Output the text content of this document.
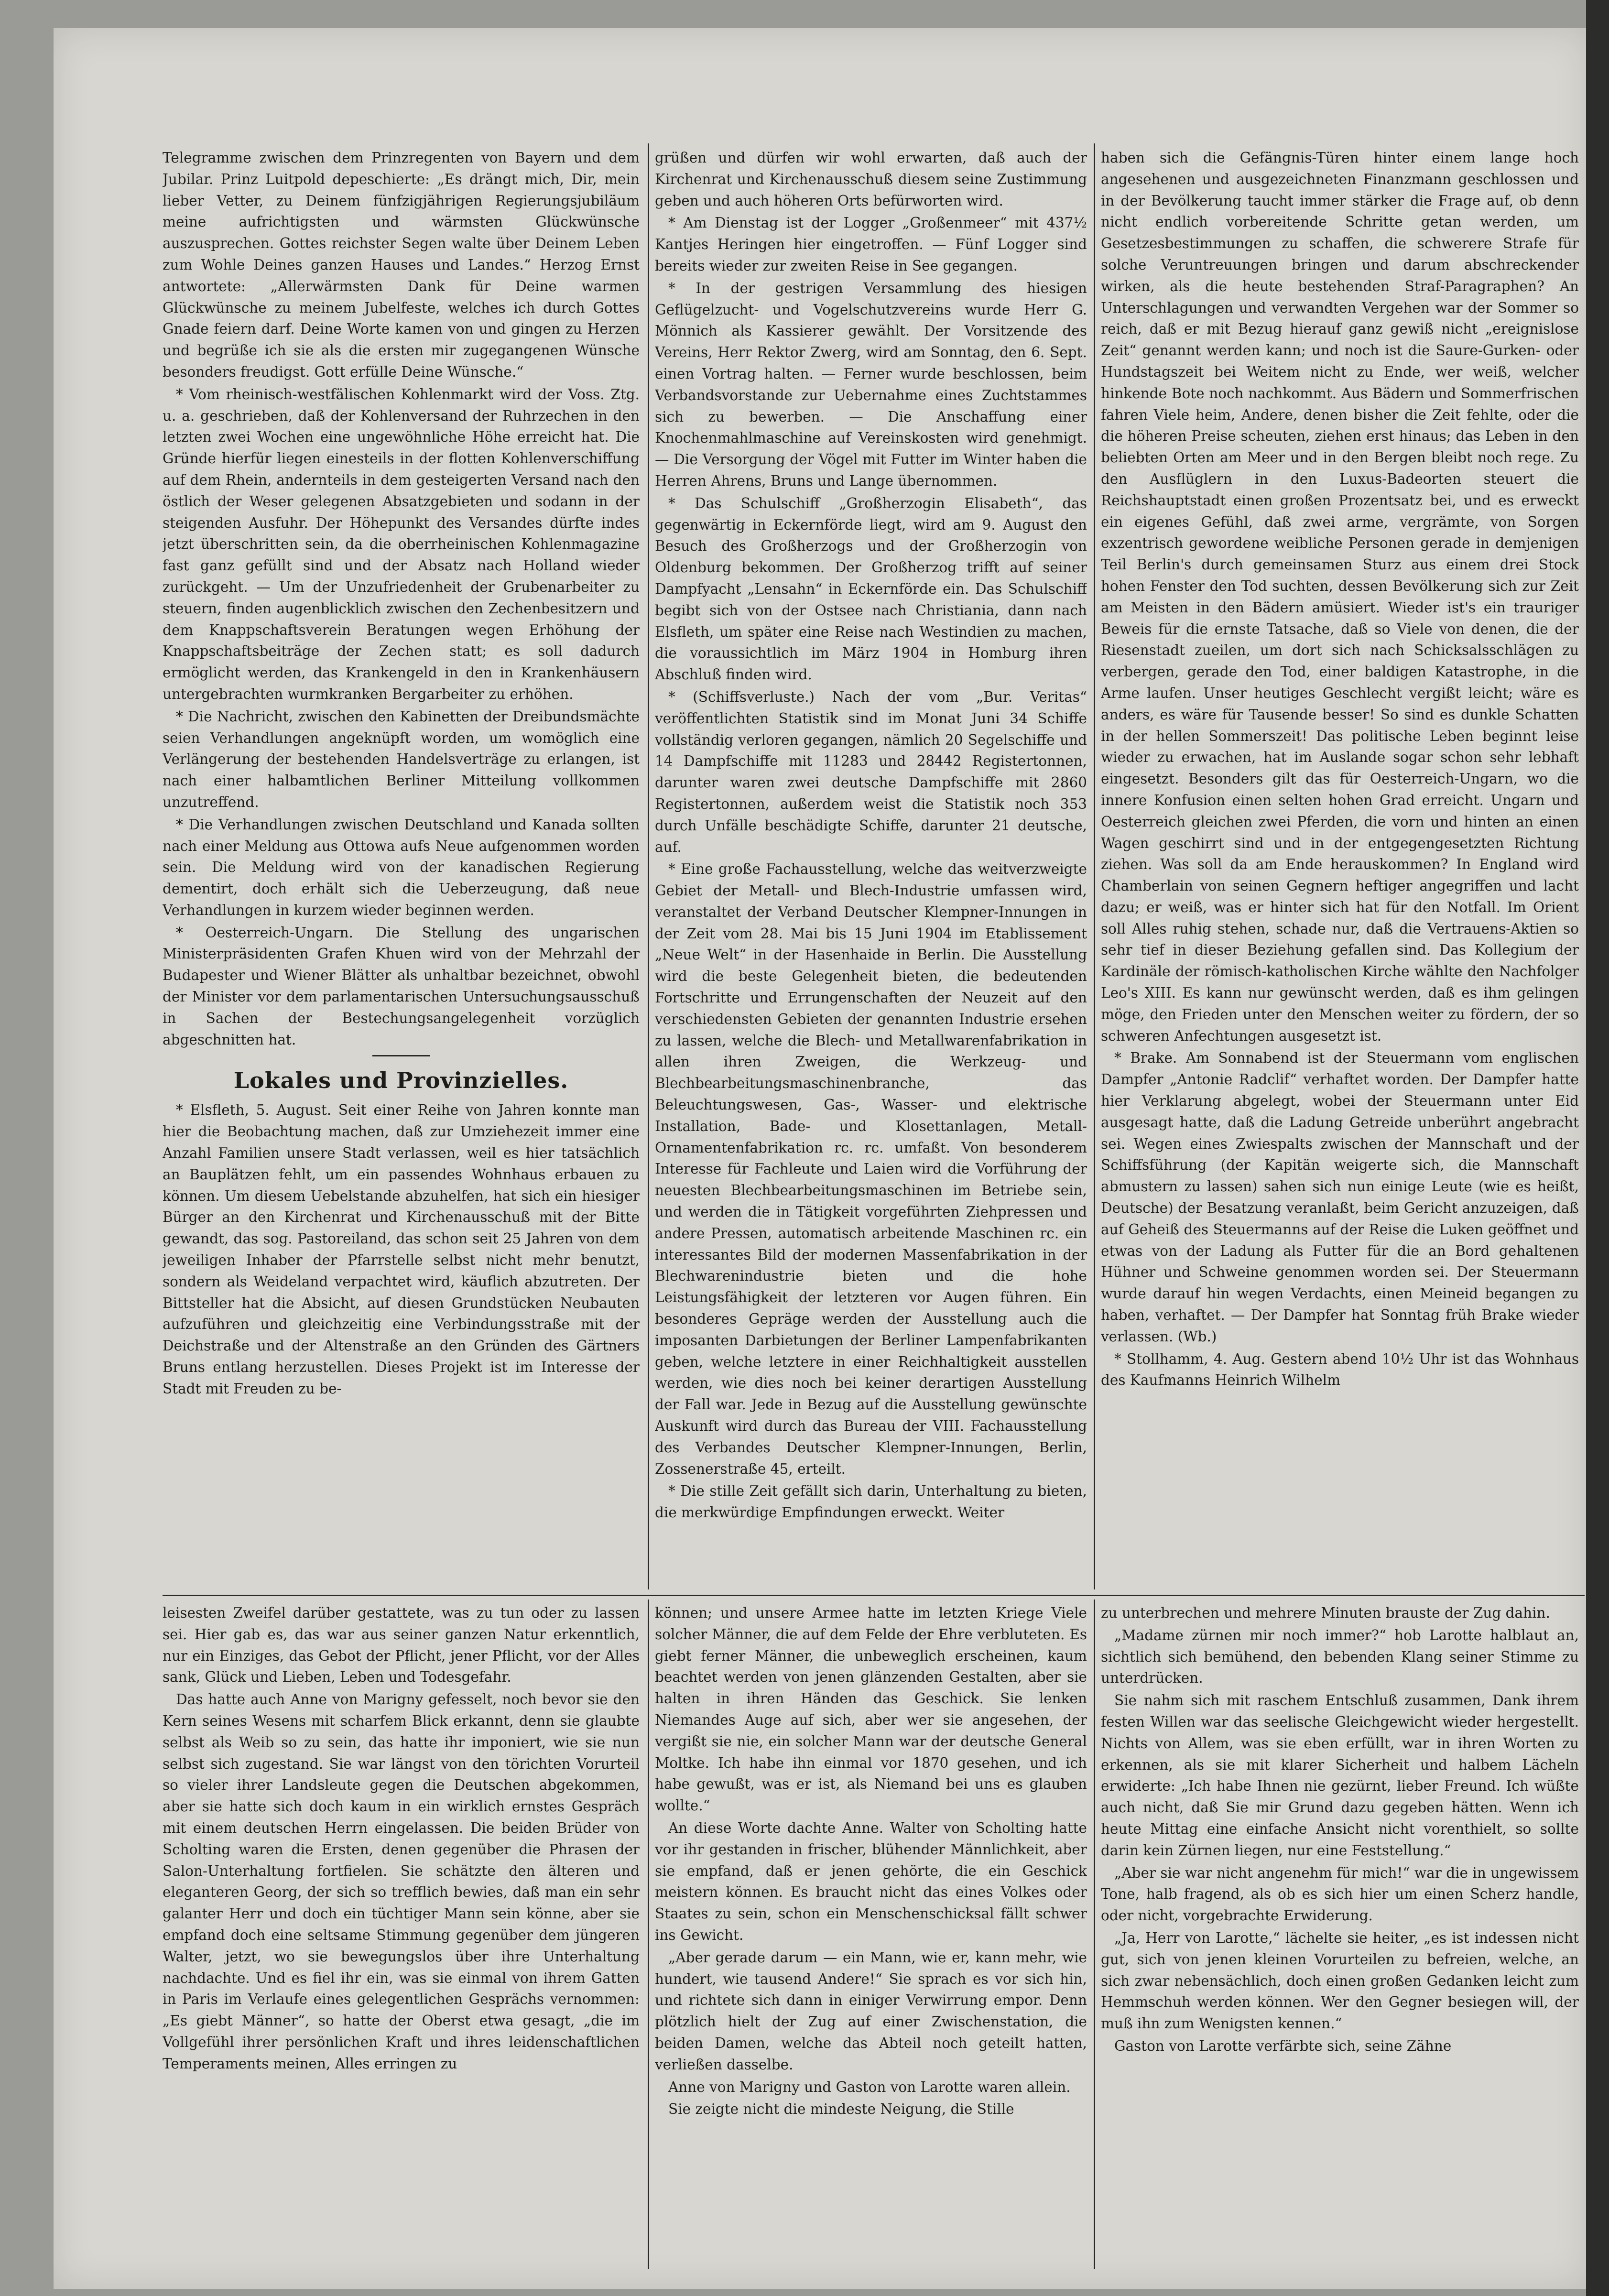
Telegramme zwischen dem Prinzregenten von Bayern und dem Jubilar. Prinz Luitpold depeschierte: „Es drängt mich, Dir, mein lieber Vetter, zu Deinem fünfzigjährigen Regierungsjubiläum meine aufrichtigsten und wärmsten Glückwünsche auszusprechen. Gottes reichster Segen walte über Deinem Leben zum Wohle Deines ganzen Hauses und Landes.“ Herzog Ernst antwortete: „Allerwärmsten Dank für Deine warmen Glückwünsche zu meinem Jubelfeste, welches ich durch Gottes Gnade feiern darf. Deine Worte kamen von und gingen zu Herzen und begrüße ich sie als die ersten mir zugegangenen Wünsche besonders freudigst. Gott erfülle Deine Wünsche.“

* Vom rheinisch-westfälischen Kohlenmarkt wird der Voss. Ztg. u. a. geschrieben, daß der Kohlenversand der Ruhrzechen in den letzten zwei Wochen eine ungewöhnliche Höhe erreicht hat. Die Gründe hierfür liegen einesteils in der flotten Kohlenverschiffung auf dem Rhein, andernteils in dem gesteigerten Versand nach den östlich der Weser gelegenen Absatzgebieten und sodann in der steigenden Ausfuhr. Der Höhepunkt des Versandes dürfte indes jetzt überschritten sein, da die oberrheinischen Kohlenmagazine fast ganz gefüllt sind und der Absatz nach Holland wieder zurückgeht. — Um der Unzufriedenheit der Grubenarbeiter zu steuern, finden augenblicklich zwischen den Zechenbesitzern und dem Knappschaftsverein Beratungen wegen Erhöhung der Knappschaftsbeiträge der Zechen statt; es soll dadurch ermöglicht werden, das Krankengeld in den in Krankenhäusern untergebrachten wurmkranken Bergarbeiter zu erhöhen.

* Die Nachricht, zwischen den Kabinetten der Dreibundsmächte seien Verhandlungen angeknüpft worden, um womöglich eine Verlängerung der bestehenden Handelsverträge zu erlangen, ist nach einer halbamtlichen Berliner Mitteilung vollkommen unzutreffend.

* Die Verhandlungen zwischen Deutschland und Kanada sollten nach einer Meldung aus Ottowa aufs Neue aufgenommen worden sein. Die Meldung wird von der kanadischen Regierung dementirt, doch erhält sich die Ueberzeugung, daß neue Verhandlungen in kurzem wieder beginnen werden.

* Oesterreich-Ungarn. Die Stellung des ungarischen Ministerpräsidenten Grafen Khuen wird von der Mehrzahl der Budapester und Wiener Blätter als unhaltbar bezeichnet, obwohl der Minister vor dem parlamentarischen Untersuchungsausschuß in Sachen der Bestechungsangelegenheit vorzüglich abgeschnitten hat.

Lokales und Provinzielles.

* Elsfleth, 5. August. Seit einer Reihe von Jahren konnte man hier die Beobachtung machen, daß zur Umziehezeit immer eine Anzahl Familien unsere Stadt verlassen, weil es hier tatsächlich an Bauplätzen fehlt, um ein passendes Wohnhaus erbauen zu können. Um diesem Uebelstande abzuhelfen, hat sich ein hiesiger Bürger an den Kirchenrat und Kirchenausschuß mit der Bitte gewandt, das sog. Pastoreiland, das schon seit 25 Jahren von dem jeweiligen Inhaber der Pfarrstelle selbst nicht mehr benutzt, sondern als Weideland verpachtet wird, käuflich abzutreten. Der Bittsteller hat die Absicht, auf diesen Grundstücken Neubauten aufzuführen und gleichzeitig eine Verbindungsstraße mit der Deichstraße und der Altenstraße an den Gründen des Gärtners Bruns entlang herzustellen. Dieses Projekt ist im Interesse der Stadt mit Freuden zu be-

grüßen und dürfen wir wohl erwarten, daß auch der Kirchenrat und Kirchenausschuß diesem seine Zustimmung geben und auch höheren Orts befürworten wird.

* Am Dienstag ist der Logger „Großenmeer“ mit 437½ Kantjes Heringen hier eingetroffen. — Fünf Logger sind bereits wieder zur zweiten Reise in See gegangen.

* In der gestrigen Versammlung des hiesigen Geflügelzucht- und Vogelschutzvereins wurde Herr G. Mönnich als Kassierer gewählt. Der Vorsitzende des Vereins, Herr Rektor Zwerg, wird am Sonntag, den 6. Sept. einen Vortrag halten. — Ferner wurde beschlossen, beim Verbandsvorstande zur Uebernahme eines Zuchtstammes sich zu bewerben. — Die Anschaffung einer Knochenmahlmaschine auf Vereinskosten wird genehmigt. — Die Versorgung der Vögel mit Futter im Winter haben die Herren Ahrens, Bruns und Lange übernommen.

* Das Schulschiff „Großherzogin Elisabeth“, das gegenwärtig in Eckernförde liegt, wird am 9. August den Besuch des Großherzogs und der Großherzogin von Oldenburg bekommen. Der Großherzog trifft auf seiner Dampfyacht „Lensahn“ in Eckernförde ein. Das Schulschiff begibt sich von der Ostsee nach Christiania, dann nach Elsfleth, um später eine Reise nach Westindien zu machen, die voraussichtlich im März 1904 in Homburg ihren Abschluß finden wird.

* (Schiffsverluste.) Nach der vom „Bur. Veritas“ veröffentlichten Statistik sind im Monat Juni 34 Schiffe vollständig verloren gegangen, nämlich 20 Segelschiffe und 14 Dampfschiffe mit 11283 und 28442 Registertonnen, darunter waren zwei deutsche Dampfschiffe mit 2860 Registertonnen, außerdem weist die Statistik noch 353 durch Unfälle beschädigte Schiffe, darunter 21 deutsche, auf.

* Eine große Fachausstellung, welche das weitverzweigte Gebiet der Metall- und Blech-Industrie umfassen wird, veranstaltet der Verband Deutscher Klempner-Innungen in der Zeit vom 28. Mai bis 15 Juni 1904 im Etablissement „Neue Welt“ in der Hasenhaide in Berlin. Die Ausstellung wird die beste Gelegenheit bieten, die bedeutenden Fortschritte und Errungenschaften der Neuzeit auf den verschiedensten Gebieten der genannten Industrie ersehen zu lassen, welche die Blech- und Metallwarenfabrikation in allen ihren Zweigen, die Werkzeug- und Blechbearbeitungsmaschinenbranche, das Beleuchtungswesen, Gas-, Wasser- und elektrische Installation, Bade- und Klosettanlagen, Metall-Ornamentenfabrikation rc. rc. umfaßt. Von besonderem Interesse für Fachleute und Laien wird die Vorführung der neuesten Blechbearbeitungsmaschinen im Betriebe sein, und werden die in Tätigkeit vorgeführten Ziehpressen und andere Pressen, automatisch arbeitende Maschinen rc. ein interessantes Bild der modernen Massenfabrikation in der Blechwarenindustrie bieten und die hohe Leistungsfähigkeit der letzteren vor Augen führen. Ein besonderes Gepräge werden der Ausstellung auch die imposanten Darbietungen der Berliner Lampenfabrikanten geben, welche letztere in einer Reichhaltigkeit ausstellen werden, wie dies noch bei keiner derartigen Ausstellung der Fall war. Jede in Bezug auf die Ausstellung gewünschte Auskunft wird durch das Bureau der VIII. Fachausstellung des Verbandes Deutscher Klempner-Innungen, Berlin, Zossenerstraße 45, erteilt.

* Die stille Zeit gefällt sich darin, Unterhaltung zu bieten, die merkwürdige Empfindungen erweckt. Weiter

haben sich die Gefängnis-Türen hinter einem lange hoch angesehenen und ausgezeichneten Finanzmann geschlossen und in der Bevölkerung taucht immer stärker die Frage auf, ob denn nicht endlich vorbereitende Schritte getan werden, um Gesetzesbestimmungen zu schaffen, die schwerere Strafe für solche Veruntreuungen bringen und darum abschreckender wirken, als die heute bestehenden Straf-Paragraphen? An Unterschlagungen und verwandten Vergehen war der Sommer so reich, daß er mit Bezug hierauf ganz gewiß nicht „ereignislose Zeit“ genannt werden kann; und noch ist die Saure-Gurken- oder Hundstagszeit bei Weitem nicht zu Ende, wer weiß, welcher hinkende Bote noch nachkommt. Aus Bädern und Sommerfrischen fahren Viele heim, Andere, denen bisher die Zeit fehlte, oder die die höheren Preise scheuten, ziehen erst hinaus; das Leben in den beliebten Orten am Meer und in den Bergen bleibt noch rege. Zu den Ausflüglern in den Luxus-Badeorten steuert die Reichshauptstadt einen großen Prozentsatz bei, und es erweckt ein eigenes Gefühl, daß zwei arme, vergrämte, von Sorgen exzentrisch gewordene weibliche Personen gerade in demjenigen Teil Berlin's durch gemeinsamen Sturz aus einem drei Stock hohen Fenster den Tod suchten, dessen Bevölkerung sich zur Zeit am Meisten in den Bädern amüsiert. Wieder ist's ein trauriger Beweis für die ernste Tatsache, daß so Viele von denen, die der Riesenstadt zueilen, um dort sich nach Schicksalsschlägen zu verbergen, gerade den Tod, einer baldigen Katastrophe, in die Arme laufen. Unser heutiges Geschlecht vergißt leicht; wäre es anders, es wäre für Tausende besser! So sind es dunkle Schatten in der hellen Sommerszeit! Das politische Leben beginnt leise wieder zu erwachen, hat im Auslande sogar schon sehr lebhaft eingesetzt. Besonders gilt das für Oesterreich-Ungarn, wo die innere Konfusion einen selten hohen Grad erreicht. Ungarn und Oesterreich gleichen zwei Pferden, die vorn und hinten an einen Wagen geschirrt sind und in der entgegengesetzten Richtung ziehen. Was soll da am Ende herauskommen? In England wird Chamberlain von seinen Gegnern heftiger angegriffen und lacht dazu; er weiß, was er hinter sich hat für den Notfall. Im Orient soll Alles ruhig stehen, schade nur, daß die Vertrauens-Aktien so sehr tief in dieser Beziehung gefallen sind. Das Kollegium der Kardinäle der römisch-katholischen Kirche wählte den Nachfolger Leo's XIII. Es kann nur gewünscht werden, daß es ihm gelingen möge, den Frieden unter den Menschen weiter zu fördern, der so schweren Anfechtungen ausgesetzt ist.

* Brake. Am Sonnabend ist der Steuermann vom englischen Dampfer „Antonie Radclif“ verhaftet worden. Der Dampfer hatte hier Verklarung abgelegt, wobei der Steuermann unter Eid ausgesagt hatte, daß die Ladung Getreide unberührt angebracht sei. Wegen eines Zwiespalts zwischen der Mannschaft und der Schiffsführung (der Kapitän weigerte sich, die Mannschaft abmustern zu lassen) sahen sich nun einige Leute (wie es heißt, Deutsche) der Besatzung veranlaßt, beim Gericht anzuzeigen, daß auf Geheiß des Steuermanns auf der Reise die Luken geöffnet und etwas von der Ladung als Futter für die an Bord gehaltenen Hühner und Schweine genommen worden sei. Der Steuermann wurde darauf hin wegen Verdachts, einen Meineid begangen zu haben, verhaftet. — Der Dampfer hat Sonntag früh Brake wieder verlassen. (Wb.)

* Stollhamm, 4. Aug. Gestern abend 10½ Uhr ist das Wohnhaus des Kaufmanns Heinrich Wilhelm

leisesten Zweifel darüber gestattete, was zu tun oder zu lassen sei. Hier gab es, das war aus seiner ganzen Natur erkenntlich, nur ein Einziges, das Gebot der Pflicht, jener Pflicht, vor der Alles sank, Glück und Lieben, Leben und Todesgefahr.

Das hatte auch Anne von Marigny gefesselt, noch bevor sie den Kern seines Wesens mit scharfem Blick erkannt, denn sie glaubte selbst als Weib so zu sein, das hatte ihr imponiert, wie sie nun selbst sich zugestand. Sie war längst von den törichten Vorurteil so vieler ihrer Landsleute gegen die Deutschen abgekommen, aber sie hatte sich doch kaum in ein wirklich ernstes Gespräch mit einem deutschen Herrn eingelassen. Die beiden Brüder von Scholting waren die Ersten, denen gegenüber die Phrasen der Salon-Unterhaltung fortfielen. Sie schätzte den älteren und eleganteren Georg, der sich so trefflich bewies, daß man ein sehr galanter Herr und doch ein tüchtiger Mann sein könne, aber sie empfand doch eine seltsame Stimmung gegenüber dem jüngeren Walter, jetzt, wo sie bewegungslos über ihre Unterhaltung nachdachte. Und es fiel ihr ein, was sie einmal von ihrem Gatten in Paris im Verlaufe eines gelegentlichen Gesprächs vernommen: „Es giebt Männer“, so hatte der Oberst etwa gesagt, „die im Vollgefühl ihrer persönlichen Kraft und ihres leidenschaftlichen Temperaments meinen, Alles erringen zu

können; und unsere Armee hatte im letzten Kriege Viele solcher Männer, die auf dem Felde der Ehre verbluteten. Es giebt ferner Männer, die unbeweglich erscheinen, kaum beachtet werden von jenen glänzenden Gestalten, aber sie halten in ihren Händen das Geschick. Sie lenken Niemandes Auge auf sich, aber wer sie angesehen, der vergißt sie nie, ein solcher Mann war der deutsche General Moltke. Ich habe ihn einmal vor 1870 gesehen, und ich habe gewußt, was er ist, als Niemand bei uns es glauben wollte.“

An diese Worte dachte Anne. Walter von Scholting hatte vor ihr gestanden in frischer, blühender Männlichkeit, aber sie empfand, daß er jenen gehörte, die ein Geschick meistern können. Es braucht nicht das eines Volkes oder Staates zu sein, schon ein Menschenschicksal fällt schwer ins Gewicht.

„Aber gerade darum — ein Mann, wie er, kann mehr, wie hundert, wie tausend Andere!“ Sie sprach es vor sich hin, und richtete sich dann in einiger Verwirrung empor. Denn plötzlich hielt der Zug auf einer Zwischenstation, die beiden Damen, welche das Abteil noch geteilt hatten, verließen dasselbe.

Anne von Marigny und Gaston von Larotte waren allein.

Sie zeigte nicht die mindeste Neigung, die Stille

zu unterbrechen und mehrere Minuten brauste der Zug dahin.

„Madame zürnen mir noch immer?“ hob Larotte halblaut an, sichtlich sich bemühend, den bebenden Klang seiner Stimme zu unterdrücken.

Sie nahm sich mit raschem Entschluß zusammen, Dank ihrem festen Willen war das seelische Gleichgewicht wieder hergestellt. Nichts von Allem, was sie eben erfüllt, war in ihren Worten zu erkennen, als sie mit klarer Sicherheit und halbem Lächeln erwiderte: „Ich habe Ihnen nie gezürnt, lieber Freund. Ich wüßte auch nicht, daß Sie mir Grund dazu gegeben hätten. Wenn ich heute Mittag eine einfache Ansicht nicht vorenthielt, so sollte darin kein Zürnen liegen, nur eine Feststellung.“

„Aber sie war nicht angenehm für mich!“ war die in ungewissem Tone, halb fragend, als ob es sich hier um einen Scherz handle, oder nicht, vorgebrachte Erwiderung.

„Ja, Herr von Larotte,“ lächelte sie heiter, „es ist indessen nicht gut, sich von jenen kleinen Vorurteilen zu befreien, welche, an sich zwar nebensächlich, doch einen großen Gedanken leicht zum Hemmschuh werden können. Wer den Gegner besiegen will, der muß ihn zum Wenigsten kennen.“

Gaston von Larotte verfärbte sich, seine Zähne
